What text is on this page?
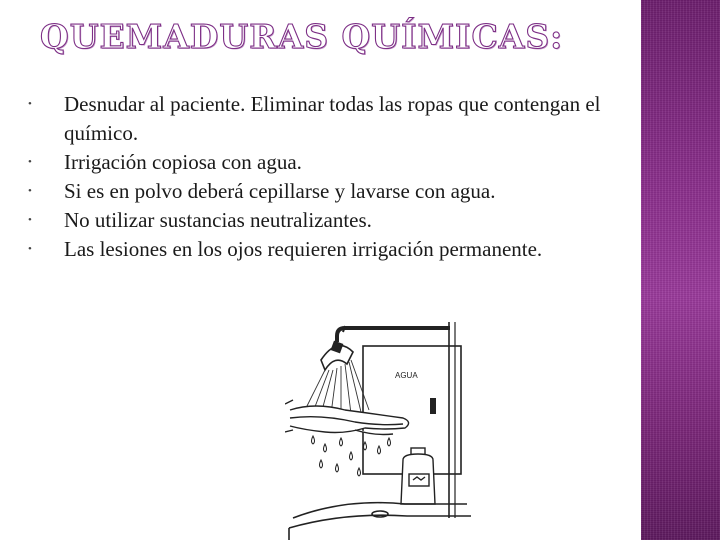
QUEMADURAS QUÍMICAS:
• Desnudar al paciente. Eliminar todas las ropas que contengan el químico.
• Irrigación copiosa con agua.
• Si es en polvo deberá cepillarse y lavarse con agua.
• No utilizar sustancias neutralizantes.
• Las lesiones en los ojos requieren irrigación permanente.
AGUA
